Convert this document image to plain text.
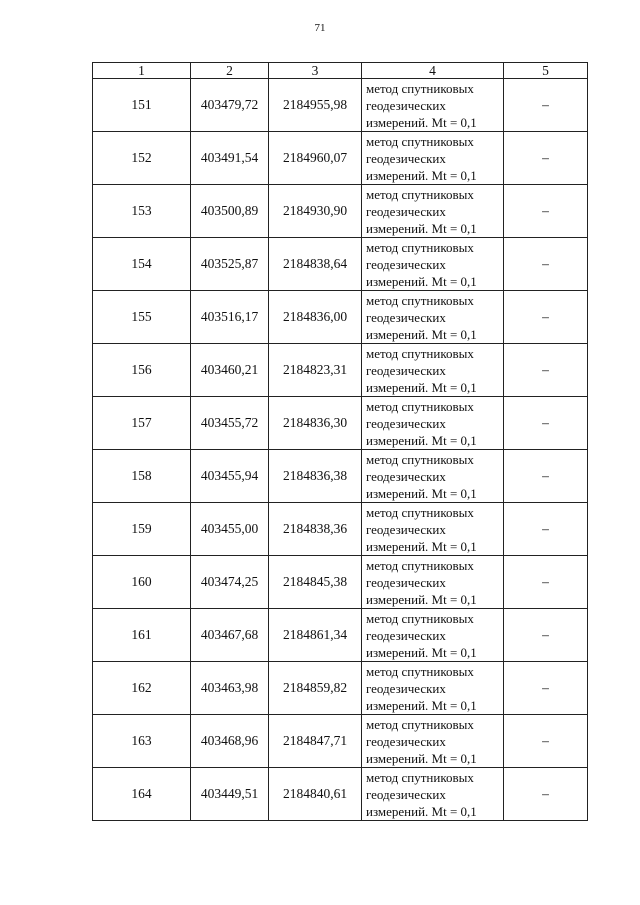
71
1	2	3	4	5
151	403479,72	2184955,98	метод спутниковых
геодезических
измерений. Mt = 0,1	–
152	403491,54	2184960,07	метод спутниковых
геодезических
измерений. Mt = 0,1	–
153	403500,89	2184930,90	метод спутниковых
геодезических
измерений. Mt = 0,1	–
154	403525,87	2184838,64	метод спутниковых
геодезических
измерений. Mt = 0,1	–
155	403516,17	2184836,00	метод спутниковых
геодезических
измерений. Mt = 0,1	–
156	403460,21	2184823,31	метод спутниковых
геодезических
измерений. Mt = 0,1	–
157	403455,72	2184836,30	метод спутниковых
геодезических
измерений. Mt = 0,1	–
158	403455,94	2184836,38	метод спутниковых
геодезических
измерений. Mt = 0,1	–
159	403455,00	2184838,36	метод спутниковых
геодезических
измерений. Mt = 0,1	–
160	403474,25	2184845,38	метод спутниковых
геодезических
измерений. Mt = 0,1	–
161	403467,68	2184861,34	метод спутниковых
геодезических
измерений. Mt = 0,1	–
162	403463,98	2184859,82	метод спутниковых
геодезических
измерений. Mt = 0,1	–
163	403468,96	2184847,71	метод спутниковых
геодезических
измерений. Mt = 0,1	–
164	403449,51	2184840,61	метод спутниковых
геодезических
измерений. Mt = 0,1	–
